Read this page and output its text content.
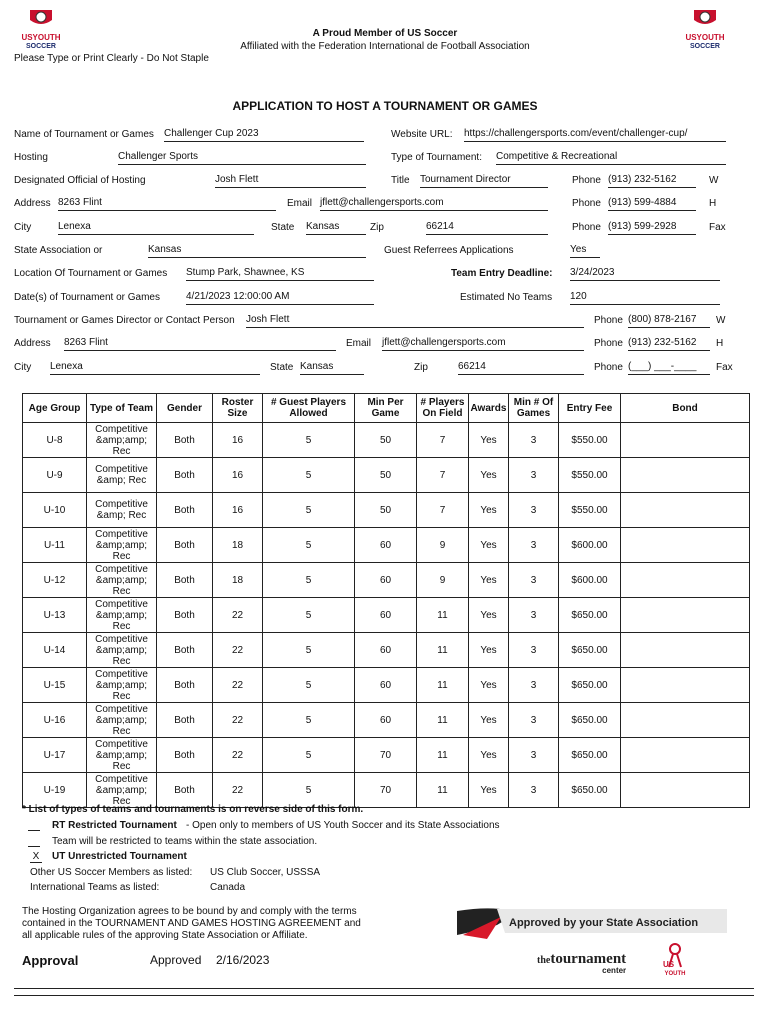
USYOUTH
SOCCER
USYOUTH
SOCCER
A Proud Member of US Soccer
Affiliated with the Federation International de Football Association
Please Type or Print Clearly - Do Not Staple
APPLICATION TO HOST A TOURNAMENT OR GAMES
Name of Tournament or Games Challenger Cup 2023	Website URL: https://challengersports.com/event/challenger-cup/
Hosting	Challenger Sports	Type of Tournament: Competitive & Recreational
Designated Official of Hosting	Josh Flett	Title Tournament Director	Phone (913) 232-5162	W
Address 8263 Flint	Email jflett@challengersports.com	Phone (913) 599-4884	H
City	Lenexa	State Kansas	Zip	66214	Phone (913) 599-2928	Fax
State Association or	Kansas	Guest Referrees Applications	Yes
Location Of Tournament or Games Stump Park, Shawnee, KS	Team Entry Deadline: 3/24/2023
Date(s) of Tournament or Games	4/21/2023 12:00:00 AM	Estimated No Teams 120
Tournament or Games Director or Contact Person Josh Flett	Phone (800) 878-2167	W
Address 8263 Flint	Email jflett@challengersports.com	Phone (913) 232-5162	H
City Lenexa	State Kansas	Zip	66214	Phone (___) ___-____	Fax
Age Group	Type of Team	Gender	Roster Size	# Guest Players Allowed	Min Per Game	# Players On Field	Awards	Min # Of Games	Entry Fee	Bond
U-8	Competitive &amp;amp; Rec	Both	16	5	50	7	Yes	3	$550.00	
U-9	Competitive &amp; Rec	Both	16	5	50	7	Yes	3	$550.00	
U-10	Competitive &amp; Rec	Both	16	5	50	7	Yes	3	$550.00	
U-11	Competitive &amp;amp; Rec	Both	18	5	60	9	Yes	3	$600.00	
U-12	Competitive &amp;amp; Rec	Both	18	5	60	9	Yes	3	$600.00	
U-13	Competitive &amp;amp; Rec	Both	22	5	60	11	Yes	3	$650.00	
U-14	Competitive &amp;amp; Rec	Both	22	5	60	11	Yes	3	$650.00	
U-15	Competitive &amp;amp; Rec	Both	22	5	60	11	Yes	3	$650.00	
U-16	Competitive &amp;amp; Rec	Both	22	5	60	11	Yes	3	$650.00	
U-17	Competitive &amp;amp; Rec	Both	22	5	70	11	Yes	3	$650.00	
U-19	Competitive &amp;amp; Rec	Both	22	5	70	11	Yes	3	$650.00	
* List of types of teams and tournaments is on reverse side of this form.
RT Restricted Tournament - Open only to members of US Youth Soccer and its State Associations
Team will be restricted to teams within the state association.
X UT Unrestricted Tournament
Other US Soccer Members as listed: US Club Soccer, USSSA
International Teams as listed:	Canada
The Hosting Organization agrees to be bound by and comply with the terms
contained in the TOURNAMENT AND GAMES HOSTING AGREEMENT and
all applicable rules of the approving State Association or Affiliate.
Approval	Approved 2/16/2023
Approved by your State Association
thetournament
center
US
YOUTH
